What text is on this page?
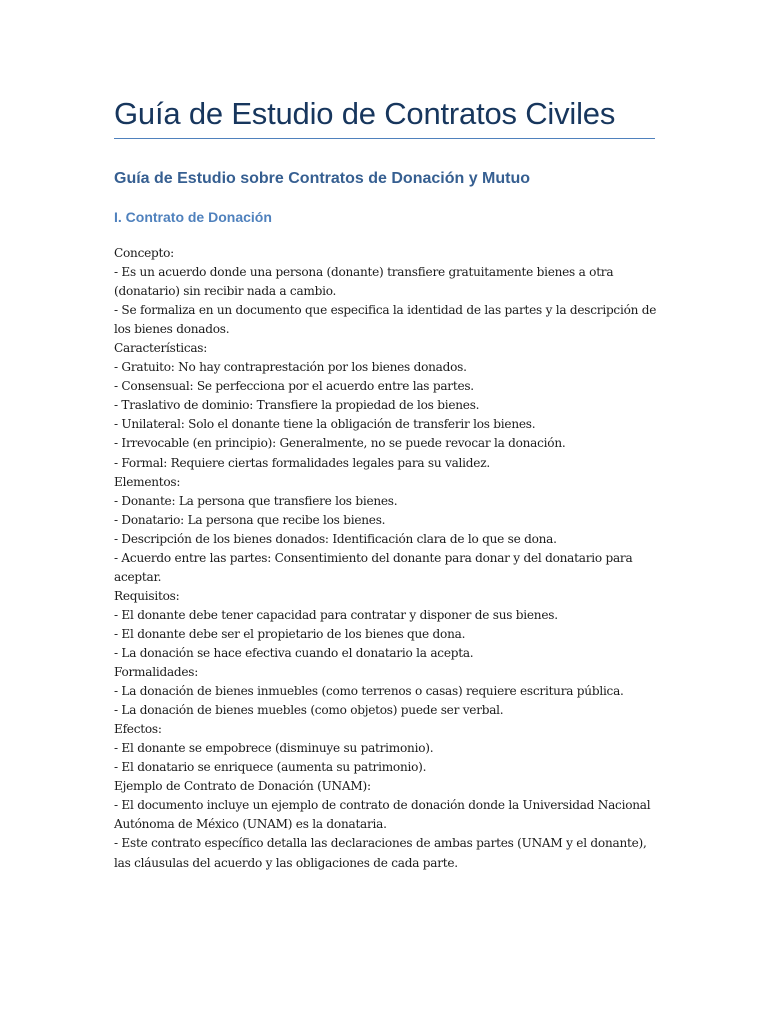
Guía de Estudio de Contratos Civiles
Guía de Estudio sobre Contratos de Donación y Mutuo
I. Contrato de Donación
Concepto:
- Es un acuerdo donde una persona (donante) transfiere gratuitamente bienes a otra
(donatario) sin recibir nada a cambio.
- Se formaliza en un documento que especifica la identidad de las partes y la descripción de
los bienes donados.
Características:
- Gratuito: No hay contraprestación por los bienes donados.
- Consensual: Se perfecciona por el acuerdo entre las partes.
- Traslativo de dominio: Transfiere la propiedad de los bienes.
- Unilateral: Solo el donante tiene la obligación de transferir los bienes.
- Irrevocable (en principio): Generalmente, no se puede revocar la donación.
- Formal: Requiere ciertas formalidades legales para su validez.
Elementos:
- Donante: La persona que transfiere los bienes.
- Donatario: La persona que recibe los bienes.
- Descripción de los bienes donados: Identificación clara de lo que se dona.
- Acuerdo entre las partes: Consentimiento del donante para donar y del donatario para
aceptar.
Requisitos:
- El donante debe tener capacidad para contratar y disponer de sus bienes.
- El donante debe ser el propietario de los bienes que dona.
- La donación se hace efectiva cuando el donatario la acepta.
Formalidades:
- La donación de bienes inmuebles (como terrenos o casas) requiere escritura pública.
- La donación de bienes muebles (como objetos) puede ser verbal.
Efectos:
- El donante se empobrece (disminuye su patrimonio).
- El donatario se enriquece (aumenta su patrimonio).
Ejemplo de Contrato de Donación (UNAM):
- El documento incluye un ejemplo de contrato de donación donde la Universidad Nacional
Autónoma de México (UNAM) es la donataria.
- Este contrato específico detalla las declaraciones de ambas partes (UNAM y el donante),
las cláusulas del acuerdo y las obligaciones de cada parte.
